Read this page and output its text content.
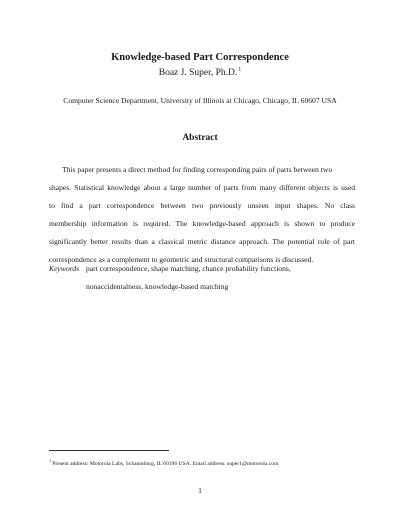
Knowledge-based Part Correspondence
Boaz J. Super, Ph.D.$^1$
Computer Science Department, University of Illinois at Chicago, Chicago, IL 60607 USA
Abstract
This paper presents a direct method for finding corresponding pairs of parts between two
shapes. Statistical knowledge about a large number of parts from many different objects is used
to find a part correspondence between two previously unseen input shapes. No class
membership information is required. The knowledge-based approach is shown to produce
significantly better results than a classical metric distance approach. The potential role of part
correspondence as a complement to geometric and structural comparisons is discussed.
Keywords part correspondence, shape matching, chance probability functions,
nonaccidentalness, knowledge-based matching
$^1$Present address: Motorola Labs, Schaumburg, IL 60196 USA. Email address: super1@motorola.com
1
